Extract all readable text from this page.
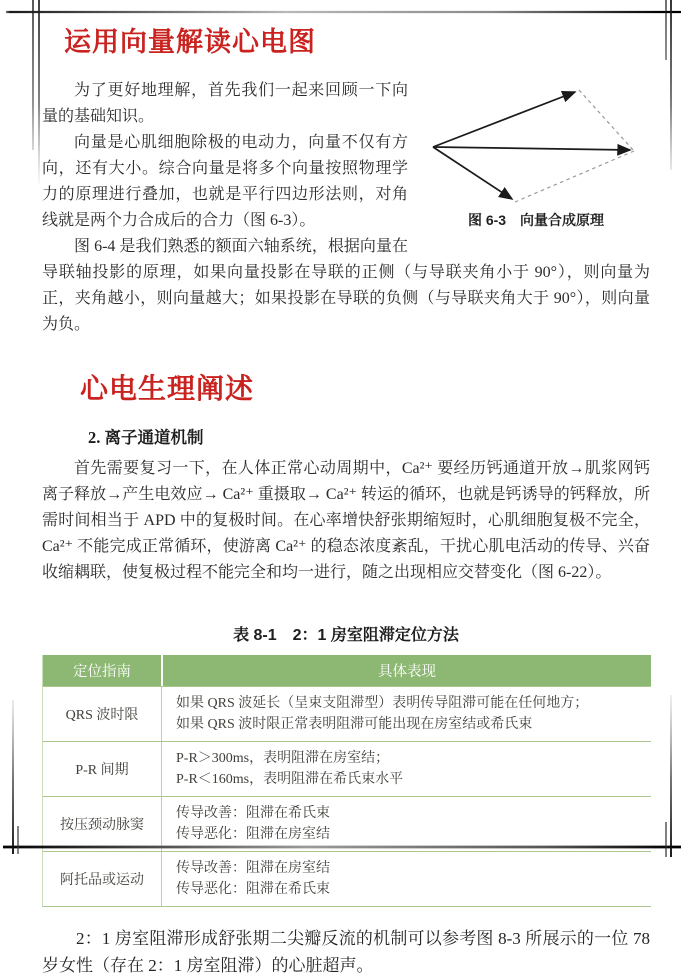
运用向量解读心电图
图 6-3　向量合成原理

为了更好地理解，首先我们一起来回顾一下向量的基础知识。

向量是心肌细胞除极的电动力，向量不仅有方向，还有大小。综合向量是将多个向量按照物理学力的原理进行叠加，也就是平行四边形法则，对角线就是两个力合成后的合力（图 6-3）。

图 6-4 是我们熟悉的额面六轴系统，根据向量在导联轴投影的原理，如果向量投影在导联的正侧（与导联夹角小于 90°），则向量为正，夹角越小，则向量越大；如果投影在导联的负侧（与导联夹角大于 90°），则向量为负。

心电生理阐述
2. 离子通道机制

首先需要复习一下，在人体正常心动周期中，Ca²⁺ 要经历钙通道开放→肌浆网钙离子释放→产生电效应→ Ca²⁺ 重摄取→ Ca²⁺ 转运的循环，也就是钙诱导的钙释放，所需时间相当于 APD 中的复极时间。在心率增快舒张期缩短时，心肌细胞复极不完全，Ca²⁺ 不能完成正常循环，使游离 Ca²⁺ 的稳态浓度紊乱，干扰心肌电活动的传导、兴奋收缩耦联，使复极过程不能完全和均一进行，随之出现相应交替变化（图 6-22）。

表 8-1　2：1 房室阻滞定位方法
定位指南	具体表现
QRS 波时限
如果 QRS 波延长（呈束支阻滞型）表明传导阻滞可能在任何地方；
如果 QRS 波时限正常表明阻滞可能出现在房室结或希氏束
P-R 间期
P-R＞300ms，表明阻滞在房室结；
P-R＜160ms，表明阻滞在希氏束水平
按压颈动脉窦
传导改善：阻滞在希氏束
传导恶化：阻滞在房室结
阿托品或运动
传导改善：阻滞在房室结
传导恶化：阻滞在希氏束

2：1 房室阻滞形成舒张期二尖瓣反流的机制可以参考图 8-3 所展示的一位 78 岁女性（存在 2：1 房室阻滞）的心脏超声。
